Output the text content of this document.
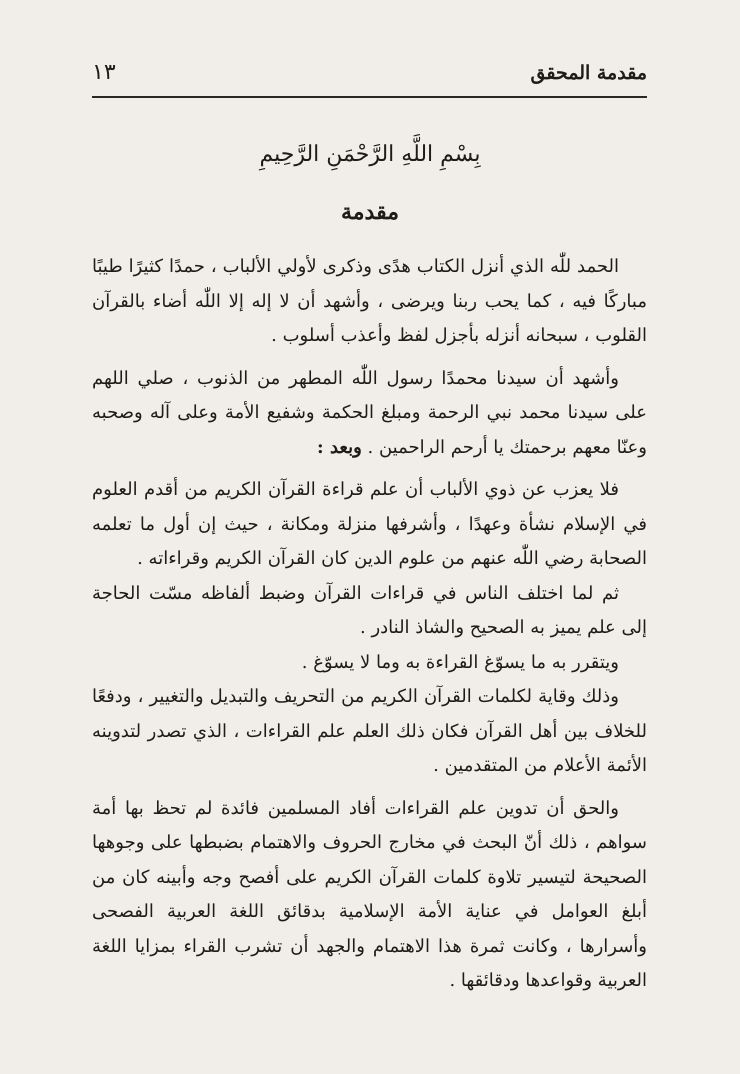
مقدمة المحقق
١٣
بِسْمِ اللَّهِ الرَّحْمَنِ الرَّحِيمِ
مقدمة

الحمد للّٰه الذي أنزل الكتاب هدًى وذكرى لأولي الألباب ، حمدًا كثيرًا طيبًا مباركًا فيه ، كما يحب ربنا ويرضى ، وأشهد أن لا إله إلا اللّٰه أضاء بالقرآن القلوب ، سبحانه أنزله بأجزل لفظ وأعذب أسلوب .

وأشهد أن سيدنا محمدًا رسول اللّٰه المطهر من الذنوب ، صلي اللهم على سيدنا محمد نبي الرحمة ومبلغ الحكمة وشفيع الأمة وعلى آله وصحبه وعنّا معهم برحمتك يا أرحم الراحمين . وبعد :

فلا يعزب عن ذوي الألباب أن علم قراءة القرآن الكريم من أقدم العلوم في الإسلام نشأة وعهدًا ، وأشرفها منزلة ومكانة ، حيث إن أول ما تعلمه الصحابة رضي اللّٰه عنهم من علوم الدين كان القرآن الكريم وقراءاته .

ثم لما اختلف الناس في قراءات القرآن وضبط ألفاظه مسّت الحاجة إلى علم يميز به الصحيح والشاذ النادر .

ويتقرر به ما يسوّغ القراءة به وما لا يسوّغ .

وذلك وقاية لكلمات القرآن الكريم من التحريف والتبديل والتغيير ، ودفعًا للخلاف بين أهل القرآن فكان ذلك العلم علم القراءات ، الذي تصدر لتدوينه الأئمة الأعلام من المتقدمين .

والحق أن تدوين علم القراءات أفاد المسلمين فائدة لم تحظ بها أمة سواهم ، ذلك أنّ البحث في مخارج الحروف والاهتمام بضبطها على وجوهها الصحيحة لتيسير تلاوة كلمات القرآن الكريم على أفصح وجه وأبينه كان من أبلغ العوامل في عناية الأمة الإسلامية بدقائق اللغة العربية الفصحى وأسرارها ، وكانت ثمرة هذا الاهتمام والجهد أن تشرب القراء بمزايا اللغة العربية وقواعدها ودقائقها .
